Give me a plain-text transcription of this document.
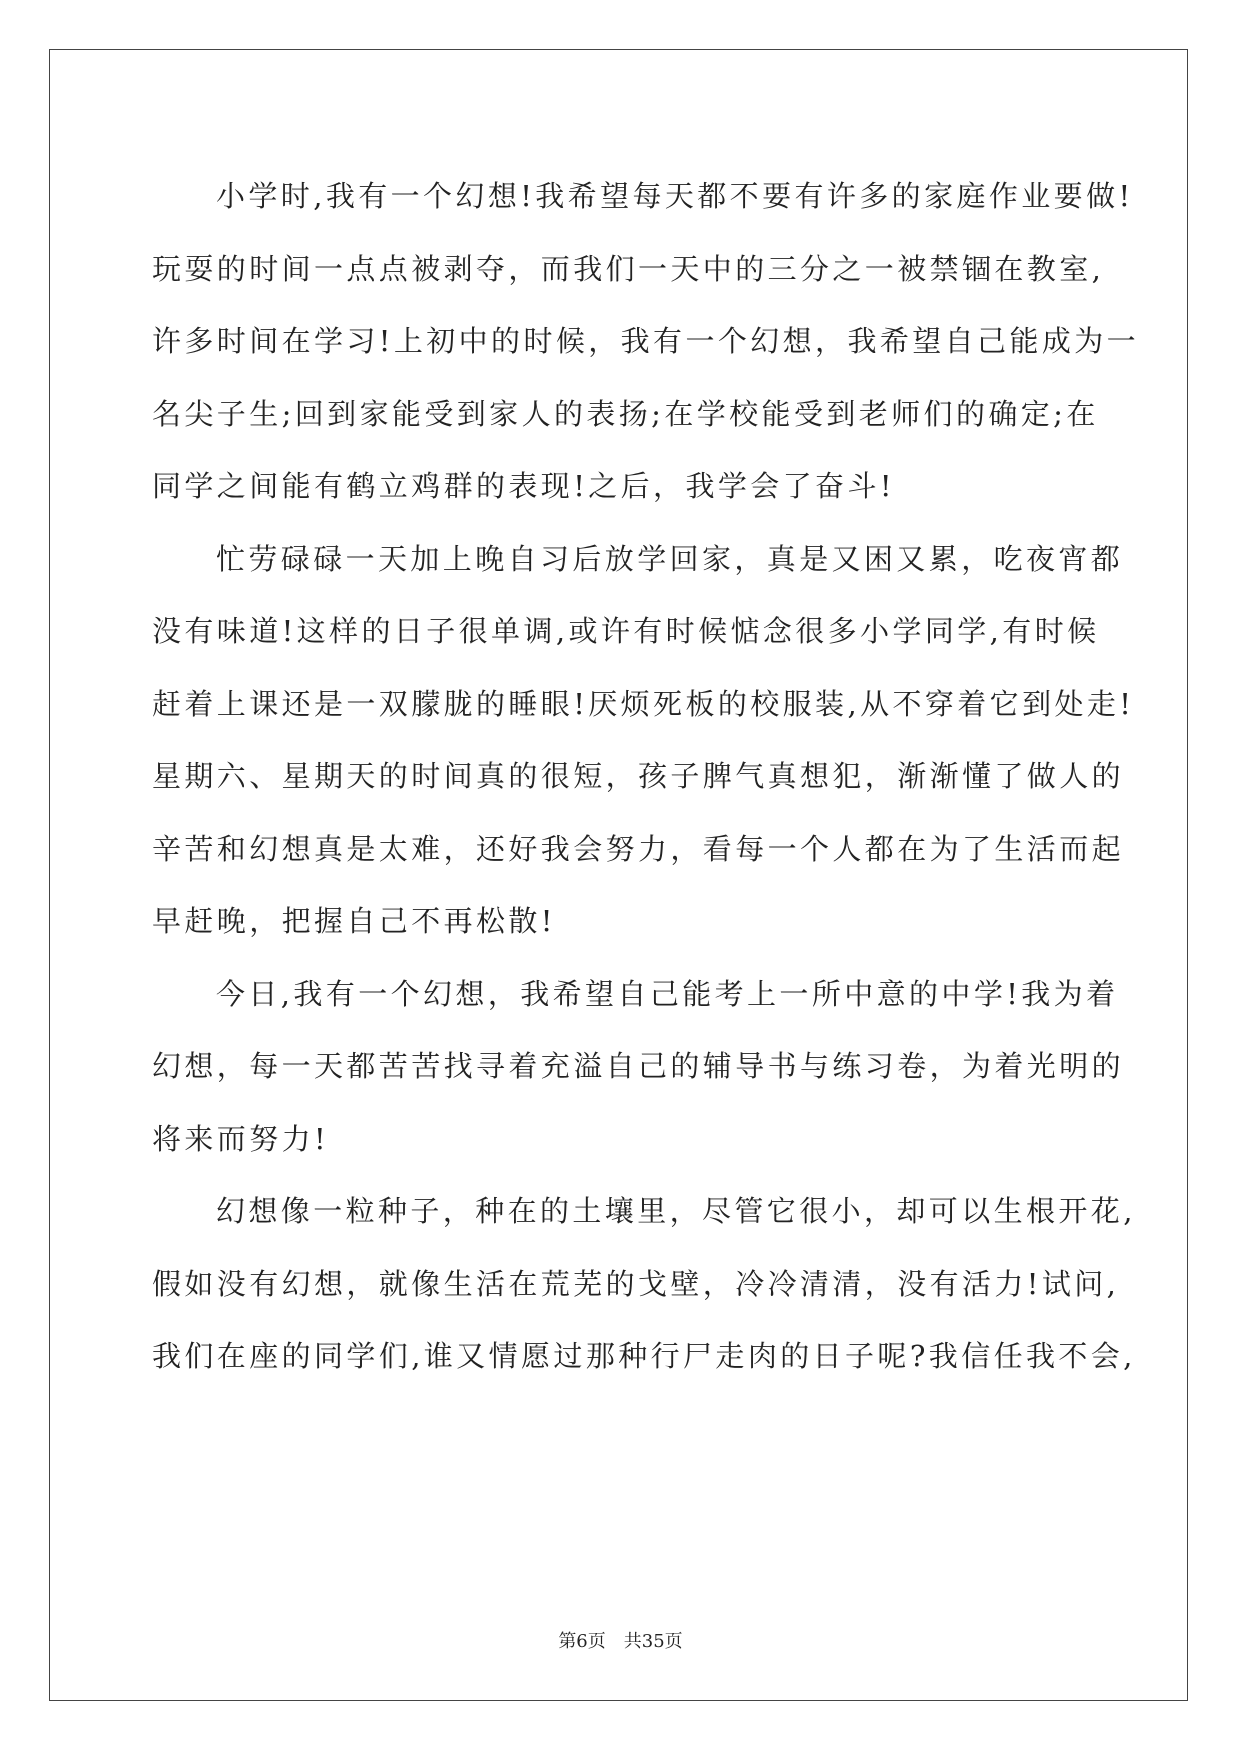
小学时,我有一个幻想!我希望每天都不要有许多的家庭作业要做!
玩耍的时间一点点被剥夺，而我们一天中的三分之一被禁锢在教室,
许多时间在学习!上初中的时候，我有一个幻想，我希望自己能成为一
名尖子生;回到家能受到家人的表扬;在学校能受到老师们的确定;在
同学之间能有鹤立鸡群的表现!之后，我学会了奋斗!
忙劳碌碌一天加上晚自习后放学回家，真是又困又累，吃夜宵都
没有味道!这样的日子很单调,或许有时候惦念很多小学同学,有时候
赶着上课还是一双朦胧的睡眼!厌烦死板的校服装,从不穿着它到处走!
星期六、星期天的时间真的很短，孩子脾气真想犯，渐渐懂了做人的
辛苦和幻想真是太难，还好我会努力，看每一个人都在为了生活而起
早赶晚，把握自己不再松散!
今日,我有一个幻想，我希望自己能考上一所中意的中学!我为着
幻想，每一天都苦苦找寻着充溢自己的辅导书与练习卷，为着光明的
将来而努力!
幻想像一粒种子，种在的土壤里，尽管它很小，却可以生根开花,
假如没有幻想，就像生活在荒芜的戈壁，冷冷清清，没有活力!试问,
我们在座的同学们,谁又情愿过那种行尸走肉的日子呢?我信任我不会,
第6页 共35页
